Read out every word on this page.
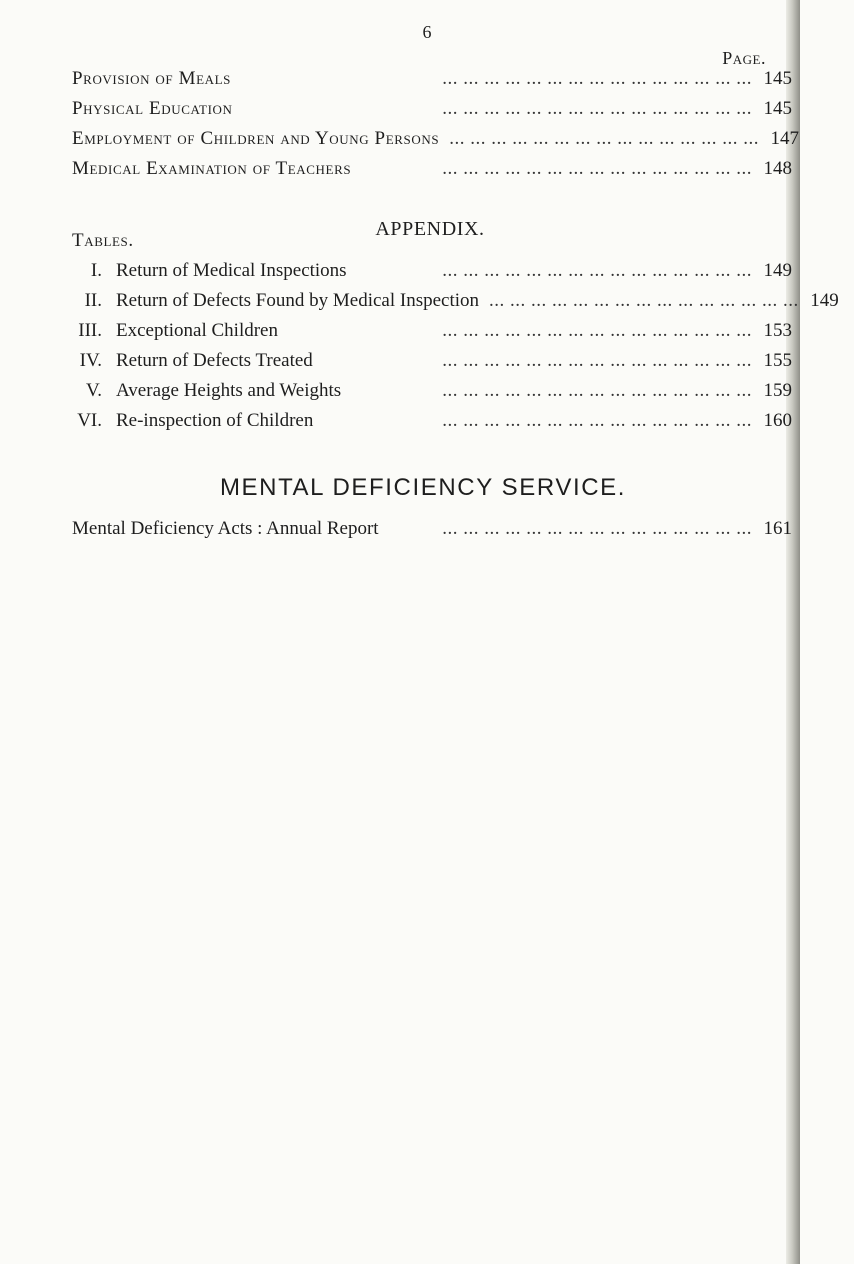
6
Page.
Provision of Meals	... ... ... ... ... ... ... ... ... ... ... ... ... ... ... 145
Physical Education	... ... ... ... ... ... ... ... ... ... ... ... ... ... ... 145
Employment of Children and Young Persons ... ... ... ... ... ... ... ... ... ... ... ... ... ... ... 147
Medical Examination of Teachers	... ... ... ... ... ... ... ... ... ... ... ... ... ... ... 148
APPENDIX.
Tables.
I. Return of Medical Inspections	... ... ... ... ... ... ... ... ... ... ... ... ... ... ... 149
II. Return of Defects Found by Medical Inspection ... ... ... ... ... ... ... ... ... ... ... ... ... ... ... 149
III. Exceptional Children	... ... ... ... ... ... ... ... ... ... ... ... ... ... ... 153
IV. Return of Defects Treated	... ... ... ... ... ... ... ... ... ... ... ... ... ... ... 155
V. Average Heights and Weights	... ... ... ... ... ... ... ... ... ... ... ... ... ... ... 159
VI. Re-inspection of Children	... ... ... ... ... ... ... ... ... ... ... ... ... ... ... 160
MENTAL DEFICIENCY SERVICE.
Mental Deficiency Acts : Annual Report	... ... ... ... ... ... ... ... ... ... ... ... ... ... ... 161
